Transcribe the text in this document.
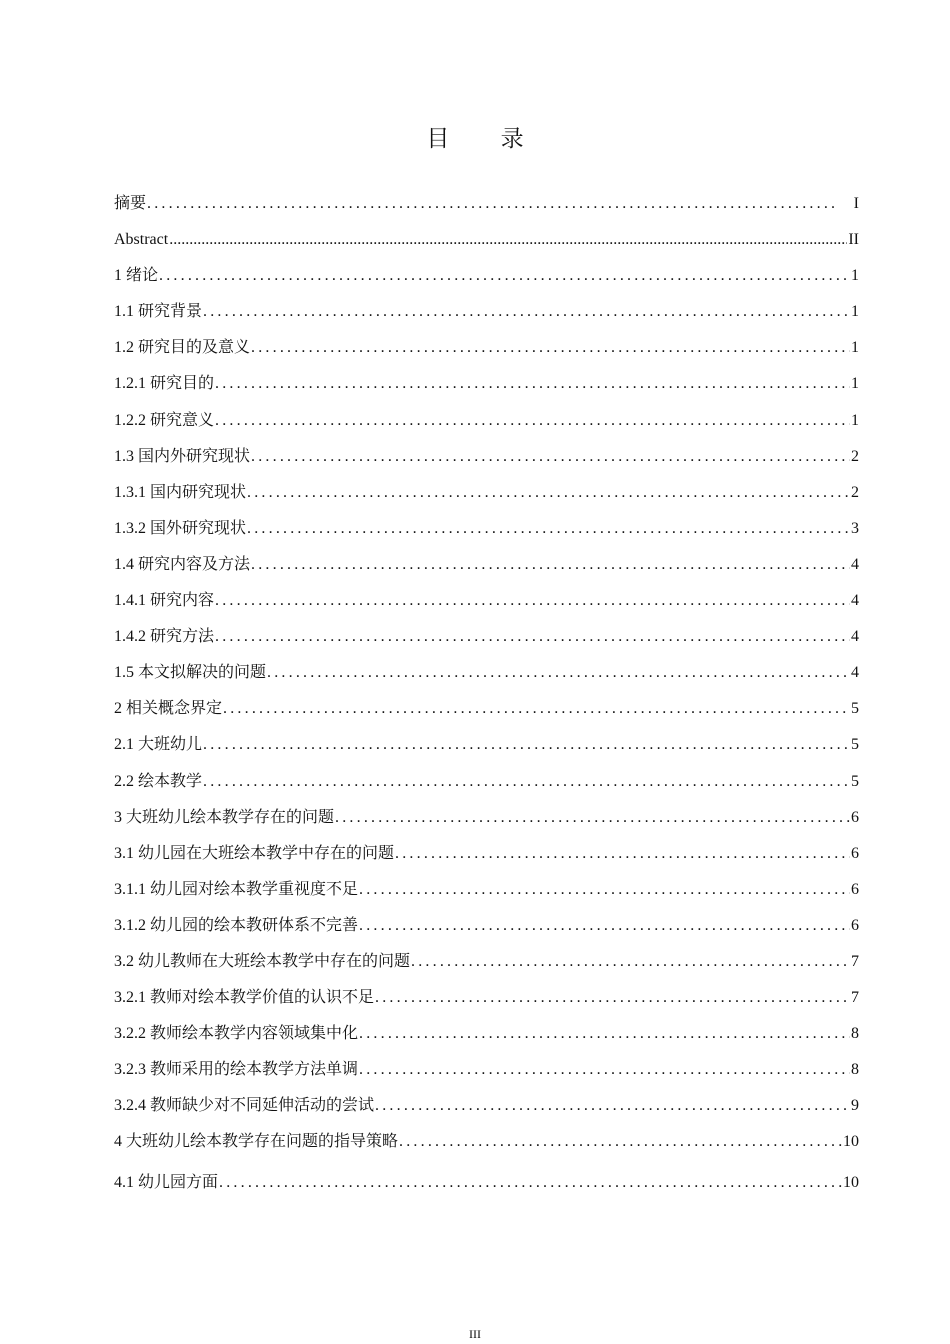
目 录
摘要 .....	I
Abstract .....	II
1 绪论 .....	1
1.1 研究背景 .....	1
1.2 研究目的及意义 .....	1
1.2.1 研究目的 .....	1
1.2.2 研究意义 .....	1
1.3 国内外研究现状 .....	2
1.3.1 国内研究现状 .....	2
1.3.2 国外研究现状 .....	3
1.4 研究内容及方法 .....	4
1.4.1 研究内容 .....	4
1.4.2 研究方法 .....	4
1.5 本文拟解决的问题 .....	4
2 相关概念界定 .....	5
2.1 大班幼儿 .....	5
2.2 绘本教学 .....	5
3 大班幼儿绘本教学存在的问题 .....	6
3.1 幼儿园在大班绘本教学中存在的问题 .....	6
3.1.1 幼儿园对绘本教学重视度不足 .....	6
3.1.2 幼儿园的绘本教研体系不完善 .....	6
3.2 幼儿教师在大班绘本教学中存在的问题 .....	7
3.2.1 教师对绘本教学价值的认识不足 .....	7
3.2.2 教师绘本教学内容领域集中化 .....	8
3.2.3 教师采用的绘本教学方法单调 .....	8
3.2.4 教师缺少对不同延伸活动的尝试 .....	9
4 大班幼儿绘本教学存在问题的指导策略 .....	10
4.1 幼儿园方面 .....	10
III
